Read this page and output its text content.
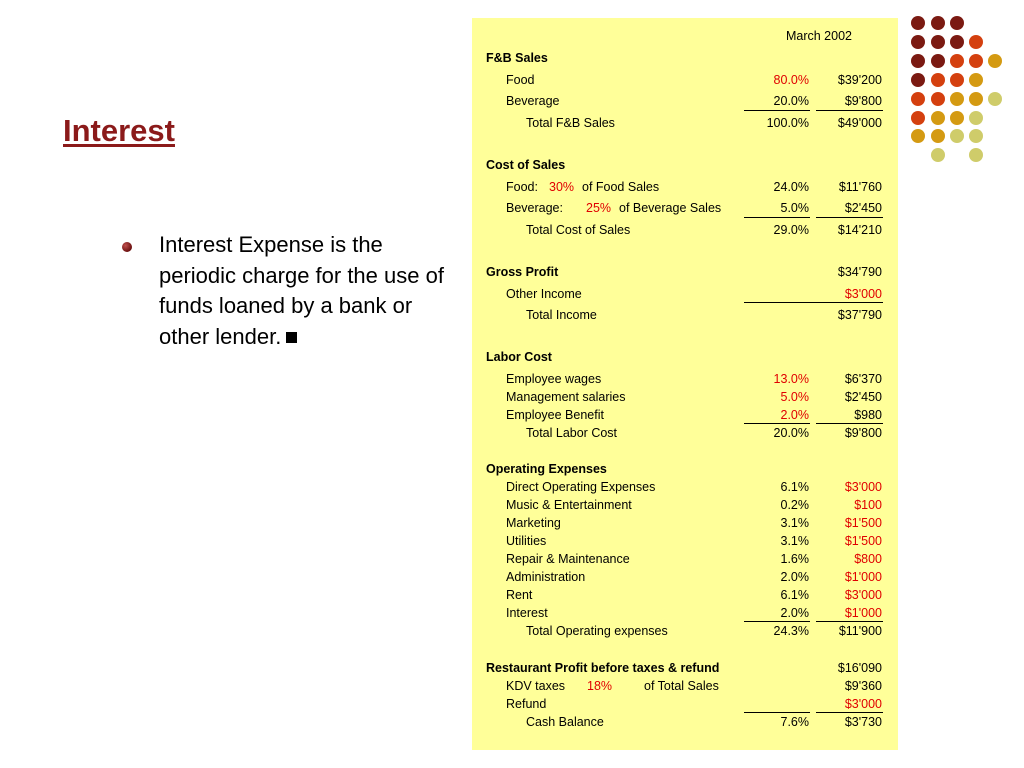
Interest
Interest Expense is the periodic charge for the use of funds loaned by a bank or other lender.
March 2002
F&B Sales
Food	80.0% $39'200
Beverage	20.0%	$9'800
Total F&B Sales	100.0% $49'000
Cost of Sales
Food: 30% of Food Sales	24.0% $11'760
Beverage: 25% of Beverage Sales	5.0%	$2'450
Total Cost of Sales	29.0% $14'210
Gross Profit	$34'790
Other Income	$3'000
Total Income	$37'790
Labor Cost
Employee wages	13.0%	$6'370
Management salaries	5.0%	$2'450
Employee Benefit	2.0%	$980
Total Labor Cost	20.0%	$9'800
Operating Expenses
Direct Operating Expenses	6.1%	$3'000
Music & Entertainment	0.2%	$100
Marketing	3.1%	$1'500
Utilities	3.1%	$1'500
Repair & Maintenance	1.6%	$800
Administration	2.0%	$1'000
Rent	6.1%	$3'000
Interest	2.0%	$1'000
Total Operating expenses	24.3% $11'900
Restaurant Profit before taxes & refund	$16'090
KDV taxes 18%	of Total Sales	$9'360
Refund	$3'000
Cash Balance	7.6%	$3'730
